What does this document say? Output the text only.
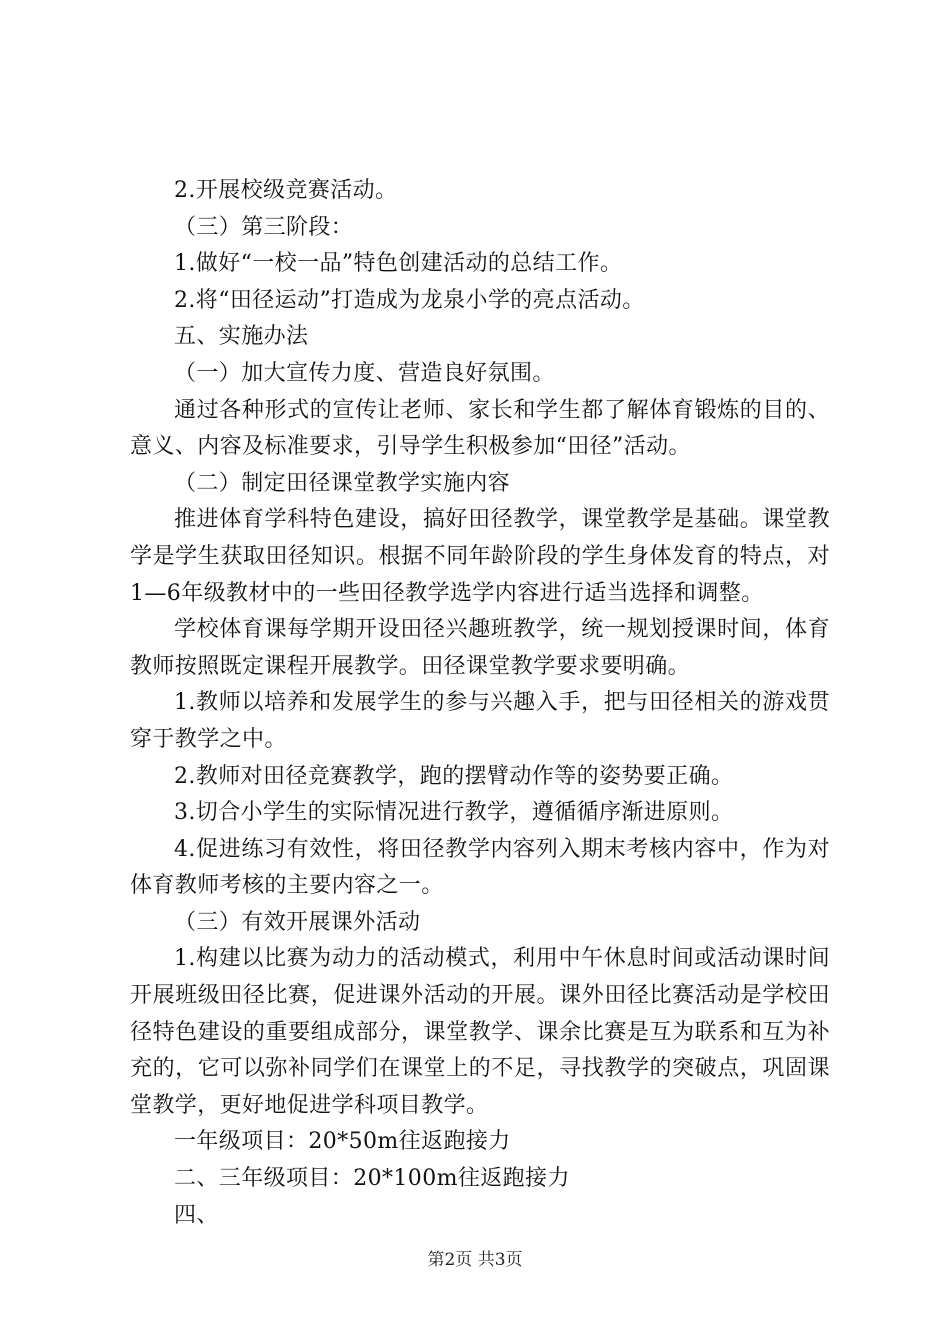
2.开展校级竞赛活动。

（三）第三阶段：

1.做好“一校一品”特色创建活动的总结工作。

2.将“田径运动”打造成为龙泉小学的亮点活动。

五、实施办法

（一）加大宣传力度、营造良好氛围。

通过各种形式的宣传让老师、家长和学生都了解体育锻炼的目的、意义、内容及标准要求，引导学生积极参加“田径”活动。

（二）制定田径课堂教学实施内容

推进体育学科特色建设，搞好田径教学，课堂教学是基础。课堂教学是学生获取田径知识。根据不同年龄阶段的学生身体发育的特点，对1—6年级教材中的一些田径教学选学内容进行适当选择和调整。

学校体育课每学期开设田径兴趣班教学，统一规划授课时间，体育教师按照既定课程开展教学。田径课堂教学要求要明确。

1.教师以培养和发展学生的参与兴趣入手，把与田径相关的游戏贯穿于教学之中。

2.教师对田径竞赛教学，跑的摆臂动作等的姿势要正确。

3.切合小学生的实际情况进行教学，遵循循序渐进原则。

4.促进练习有效性，将田径教学内容列入期末考核内容中，作为对体育教师考核的主要内容之一。

（三）有效开展课外活动

1.构建以比赛为动力的活动模式，利用中午休息时间或活动课时间开展班级田径比赛，促进课外活动的开展。课外田径比赛活动是学校田径特色建设的重要组成部分，课堂教学、课余比赛是互为联系和互为补充的，它可以弥补同学们在课堂上的不足，寻找教学的突破点，巩固课堂教学，更好地促进学科项目教学。

一年级项目：20*50m往返跑接力

二、三年级项目：20*100m往返跑接力

四、

第2页 共3页
